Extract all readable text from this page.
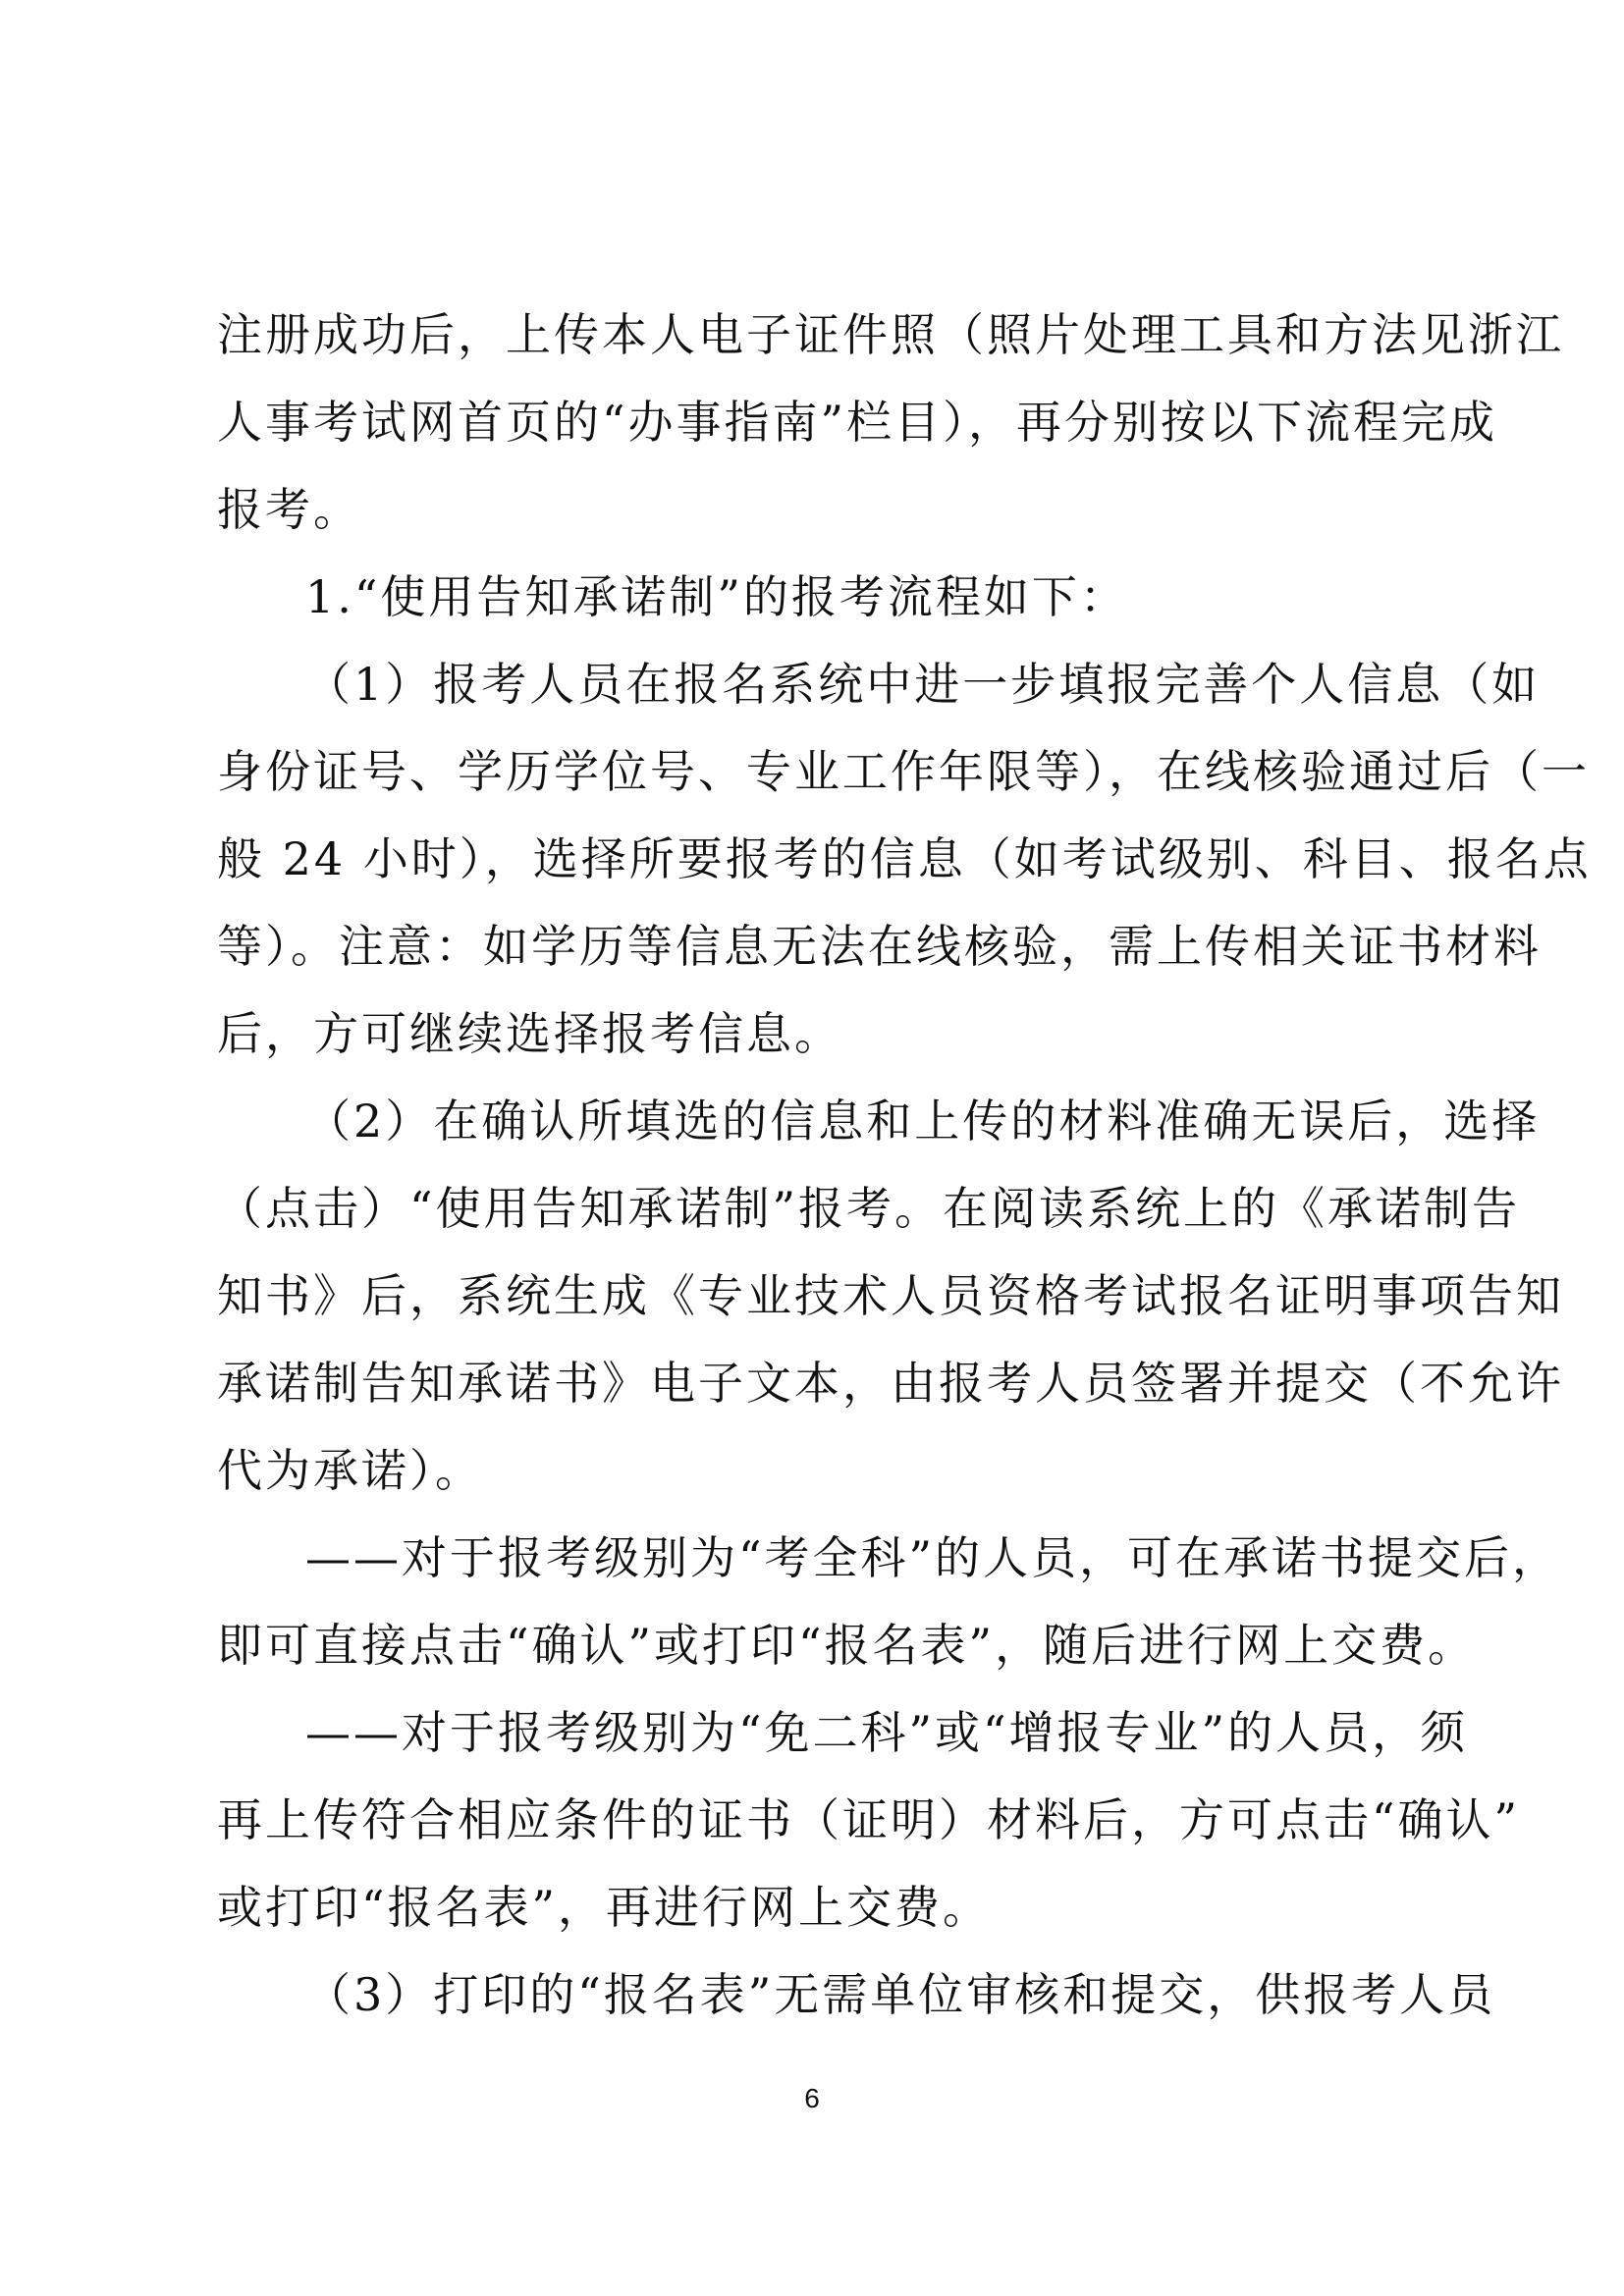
注册成功后，上传本人电子证件照（照片处理工具和方法见浙江
人事考试网首页的“办事指南”栏目），再分别按以下流程完成
报考。
1.“使用告知承诺制”的报考流程如下：
（1）报考人员在报名系统中进一步填报完善个人信息（如
身份证号、学历学位号、专业工作年限等），在线核验通过后（一
般 24 小时），选择所要报考的信息（如考试级别、科目、报名点
等）。注意：如学历等信息无法在线核验，需上传相关证书材料
后，方可继续选择报考信息。
（2）在确认所填选的信息和上传的材料准确无误后，选择
（点击）“使用告知承诺制”报考。在阅读系统上的《承诺制告
知书》后，系统生成《专业技术人员资格考试报名证明事项告知
承诺制告知承诺书》电子文本，由报考人员签署并提交（不允许
代为承诺）。
——对于报考级别为“考全科”的人员，可在承诺书提交后，
即可直接点击“确认”或打印“报名表”，随后进行网上交费。
——对于报考级别为“免二科”或“增报专业”的人员，须
再上传符合相应条件的证书（证明）材料后，方可点击“确认”
或打印“报名表”，再进行网上交费。
（3）打印的“报名表”无需单位审核和提交，供报考人员
6
